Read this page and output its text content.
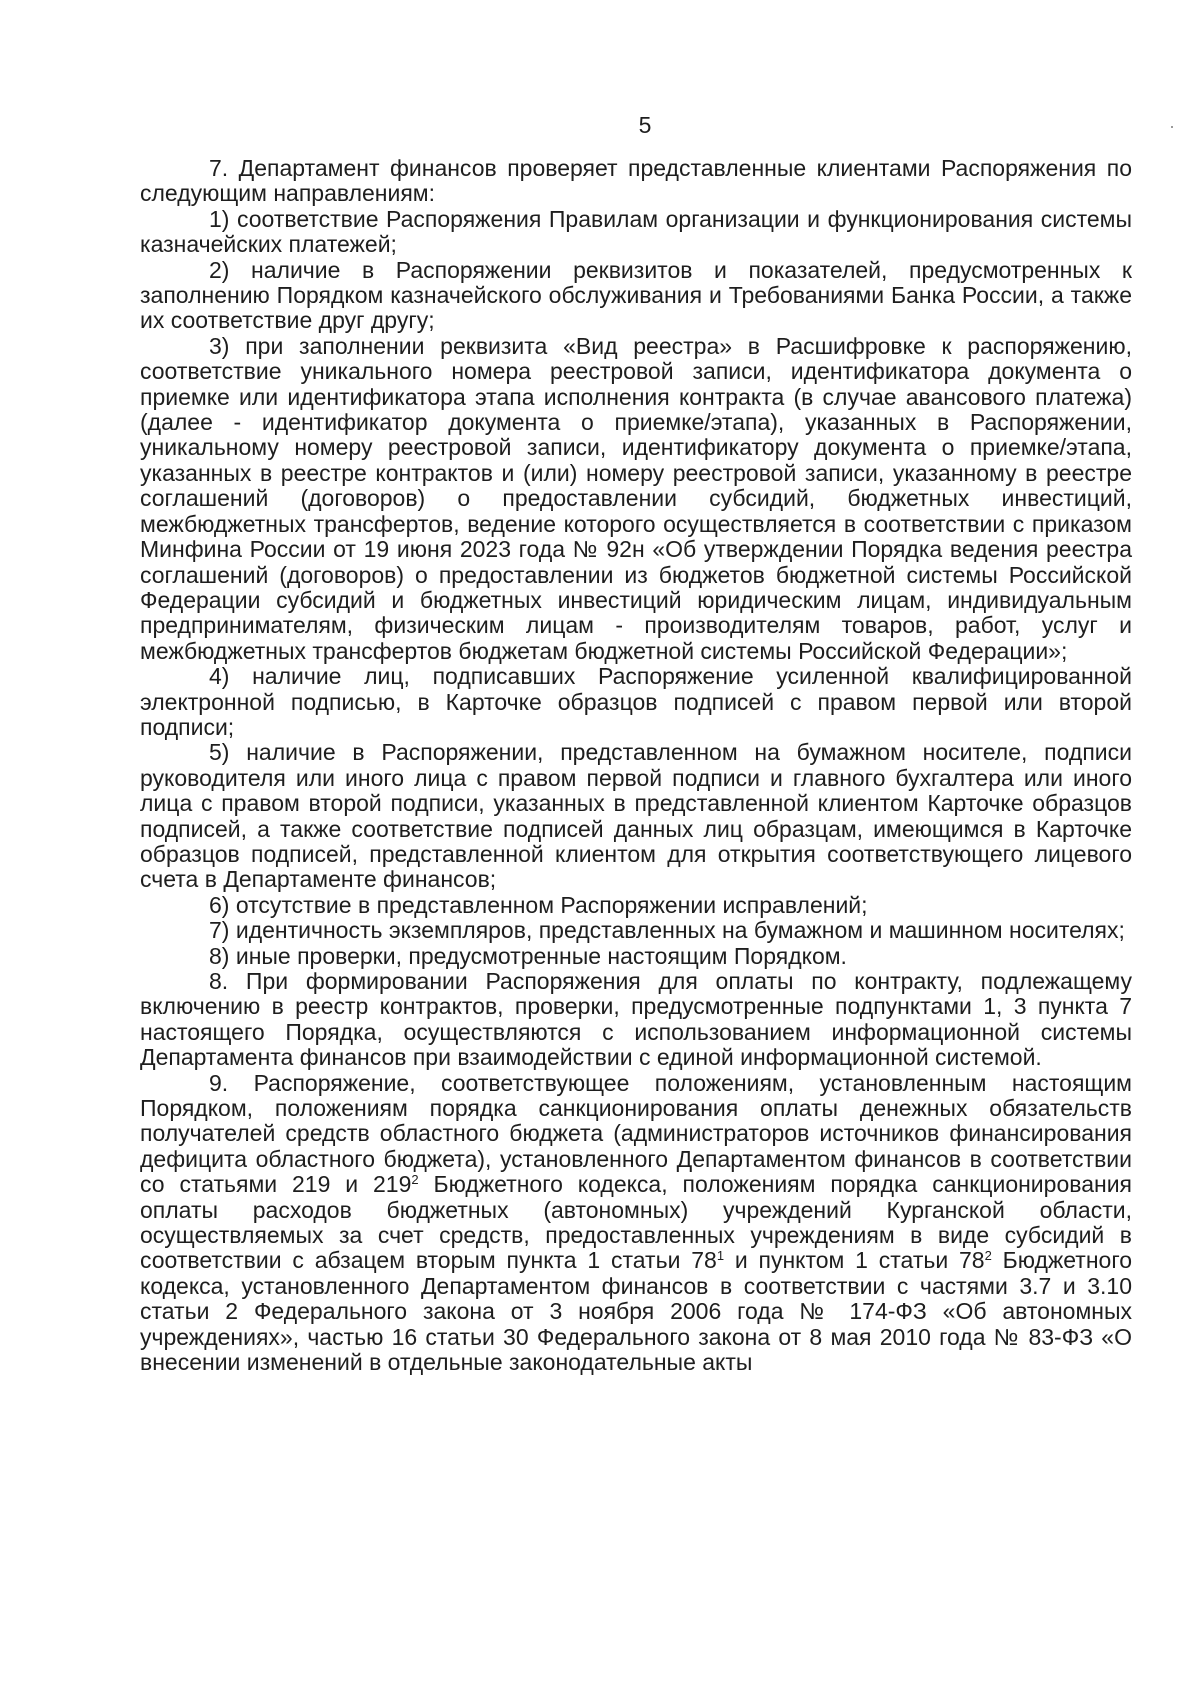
5

7. Департамент финансов проверяет представленные клиентами Распоряжения по следующим направлениям:

1) соответствие Распоряжения Правилам организации и функционирования системы казначейских платежей;

2) наличие в Распоряжении реквизитов и показателей, предусмотренных к заполнению Порядком казначейского обслуживания и Требованиями Банка России, а также их соответствие друг другу;

3) при заполнении реквизита «Вид реестра» в Расшифровке к распоряжению, соответствие уникального номера реестровой записи, идентификатора документа о приемке или идентификатора этапа исполнения контракта (в случае авансового платежа) (далее - идентификатор документа о приемке/этапа), указанных в Распоряжении, уникальному номеру реестровой записи, идентификатору документа о приемке/этапа, указанных в реестре контрактов и (или) номеру реестровой записи, указанному в реестре соглашений (договоров) о предоставлении субсидий, бюджетных инвестиций, межбюджетных трансфертов, ведение которого осуществляется в соответствии с приказом Минфина России от 19 июня 2023 года № 92н «Об утверждении Порядка ведения реестра соглашений (договоров) о предоставлении из бюджетов бюджетной системы Российской Федерации субсидий и бюджетных инвестиций юридическим лицам, индивидуальным предпринимателям, физическим лицам - производителям товаров, работ, услуг и межбюджетных трансфертов бюджетам бюджетной системы Российской Федерации»;

4) наличие лиц, подписавших Распоряжение усиленной квалифицированной электронной подписью, в Карточке образцов подписей с правом первой или второй подписи;

5) наличие в Распоряжении, представленном на бумажном носителе, подписи руководителя или иного лица с правом первой подписи и главного бухгалтера или иного лица с правом второй подписи, указанных в представленной клиентом Карточке образцов подписей, а также соответствие подписей данных лиц образцам, имеющимся в Карточке образцов подписей, представленной клиентом для открытия соответствующего лицевого счета в Департаменте финансов;

6) отсутствие в представленном Распоряжении исправлений;

7) идентичность экземпляров, представленных на бумажном и машинном носителях;

8) иные проверки, предусмотренные настоящим Порядком.

8. При формировании Распоряжения для оплаты по контракту, подлежащему включению в реестр контрактов, проверки, предусмотренные подпунктами 1, 3 пункта 7 настоящего Порядка, осуществляются с использованием информационной системы Департамента финансов при взаимодействии с единой информационной системой.

9. Распоряжение, соответствующее положениям, установленным настоящим Порядком, положениям порядка санкционирования оплаты денежных обязательств получателей средств областного бюджета (администраторов источников финансирования дефицита областного бюджета), установленного Департаментом финансов в соответствии со статьями 219 и $219^2$ Бюджетного кодекса, положениям порядка санкционирования оплаты расходов бюджетных (автономных) учреждений Курганской области, осуществляемых за счет средств, предоставленных учреждениям в виде субсидий в соответствии с абзацем вторым пункта 1 статьи $78^1$ и пунктом 1 статьи $78^2$ Бюджетного кодекса, установленного Департаментом финансов в соответствии с частями 3.7 и 3.10 статьи 2 Федерального закона от 3 ноября 2006 года № 174-ФЗ «Об автономных учреждениях», частью 16 статьи 30 Федерального закона от 8 мая 2010 года № 83-ФЗ «О внесении изменений в отдельные законодательные акты
